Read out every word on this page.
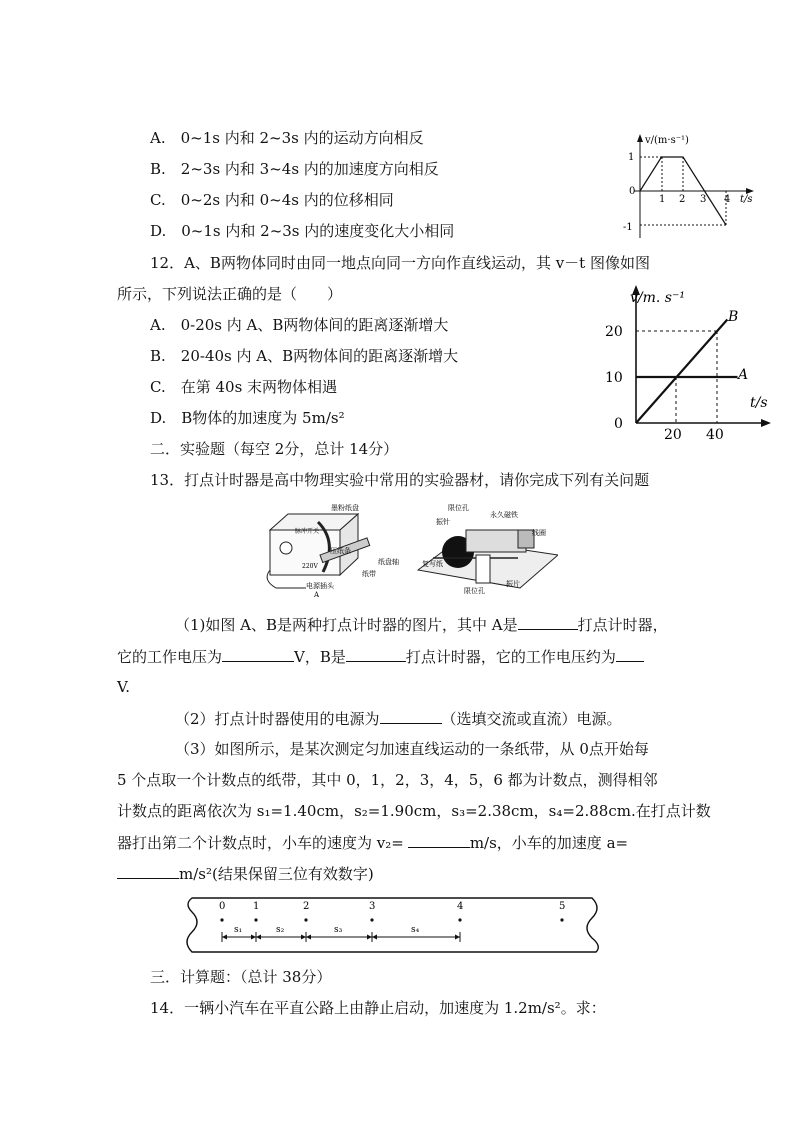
A.　0~1s 内和 2~3s 内的运动方向相反
B.　2~3s 内和 3~4s 内的加速度方向相反
C.　0~2s 内和 0~4s 内的位移相同
D.　0~1s 内和 2~3s 内的速度变化大小相同
v/(m·s⁻¹)
t/s
1
0
-1
1 2 3 4
12．A、B两物体同时由同一地点向同一方向作直线运动，其 v－t 图像如图
所示，下列说法正确的是（　　）
A.　0-20s 内 A、B两物体间的距离逐渐增大
B.　20-40s 内 A、B两物体间的距离逐渐增大
C.　在第 40s 末两物体相遇
D.　B物体的加速度为 5m/s²
v/m. s⁻¹
t/s
20
10
0
20 40
A
B
二．实验题（每空 2分，总计 14分）
13．打点计时器是高中物理实验中常用的实验器材，请你完成下列有关问题
脉冲开关
墨粉纸盘
压纸条
纸盘轴
220V
纸带
电源插头
A
限位孔
振针
永久磁铁
线圈
复写纸
振片
限位孔
（1)如图 A、B是两种打点计时器的图片，其中 A是	打点计时器，
它的工作电压为	V，B是	打点计时器，它的工作电压约为
V.
（2）打点计时器使用的电源为	（选填交流或直流）电源。
（3）如图所示，是某次测定匀加速直线运动的一条纸带，从 0点开始每
5 个点取一个计数点的纸带，其中 0，1，2，3，4，5，6 都为计数点，测得相邻
计数点的距离依次为 s₁=1.40cm，s₂=1.90cm，s₃=2.38cm，s₄=2.88cm.在打点计数
器打出第二个计数点时，小车的速度为 v₂=	m/s，小车的加速度 a=
m/s²(结果保留三位有效数字)
0	1	2	3	4	5
s₁	s₂	s₃	s₄
三．计算题：（总计 38分）
14．一辆小汽车在平直公路上由静止启动，加速度为 1.2m/s²。求：
